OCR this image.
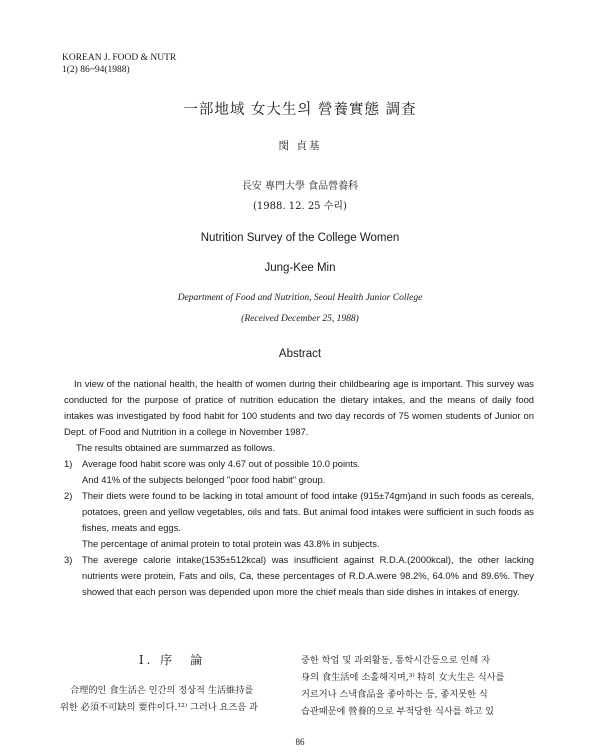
KOREAN J. FOOD & NUTR
1(2) 86~94(1988)
一部地域 女大生의 營養實態 調査
閔 貞基
長安 專門大學 食品營養科
(1988. 12. 25 수리)
Nutrition Survey of the College Women
Jung-Kee Min
Department of Food and Nutrition, Seoul Health Junior College
(Received December 25, 1988)
Abstract

In view of the national health, the health of women during their childbearing age is important. This survey was conducted for the purpose of pratice of nutrition education the dietary intakes, and the means of daily food intakes was investigated by food habit for 100 students and two day records of 75 women students of Junior on Dept. of Food and Nutrition in a college in November 1987.

The results obtained are summarzed as follows.

1) Average food habit score was only 4.67 out of possible 10.0 points.
And 41% of the subjects belonged "poor food habit" group.
2) Their diets were found to be lacking in total amount of food intake (915±74gm)and in such foods as cereals, potatoes, green and yellow vegetables, oils and fats. But animal food intakes were sufficient in such foods as fishes, meats and eggs.
The percentage of animal protein to total protein was 43.8% in subjects.
3) The averege calorie intake(1535±512kcal) was insufficient against R.D.A.(2000kcal), the other lacking nutrients were protein, Fats and oils, Ca, these percentages of R.D.A.were 98.2%, 64.0% and 89.6%. They showed that each person was depended upon more the chief meals than side dishes in intakes of energy.
Ⅰ. 序　論

合理的인 食生活은 인간의 정상적 生活維持를

위한 必須不可缺의 要件이다.¹²⁾ 그러나 요즈음 과

중한 학업 및 과외활동, 통학시간등으로 인해 자

身의 食生活에 소홀해지며,³⁾ 特히 女大生은 식사를

거르거나 스낵食品을 좋아하는 등, 좋지못한 식

습관때문에 營養的으로 부적당한 식사를 하고 있

86
